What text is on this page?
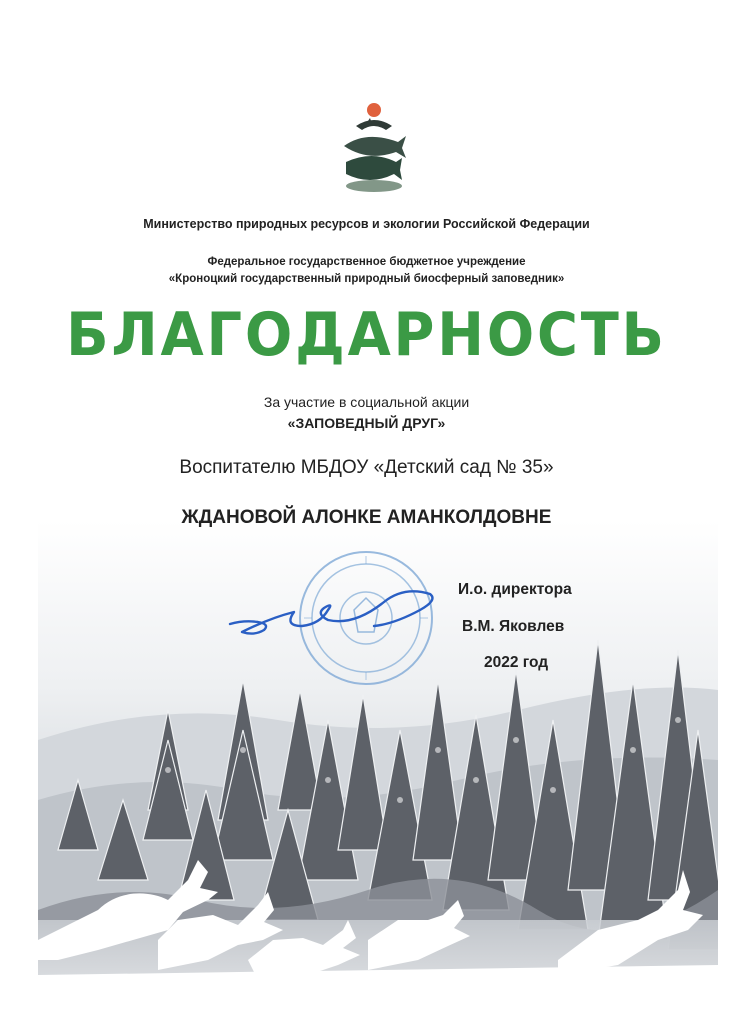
Министерство природных ресурсов и экологии Российской Федерации
Федеральное государственное бюджетное учреждение
«Кроноцкий государственный природный биосферный заповедник»
БЛАГОДАРНОСТЬ
За участие в социальной акции
«ЗАПОВЕДНЫЙ ДРУГ»
Воспитателю МБДОУ «Детский сад № 35»
ЖДАНОВОЙ АЛОНКЕ АМАНКОЛДОВНЕ
И.о. директора
В.М. Яковлев
2022 год
